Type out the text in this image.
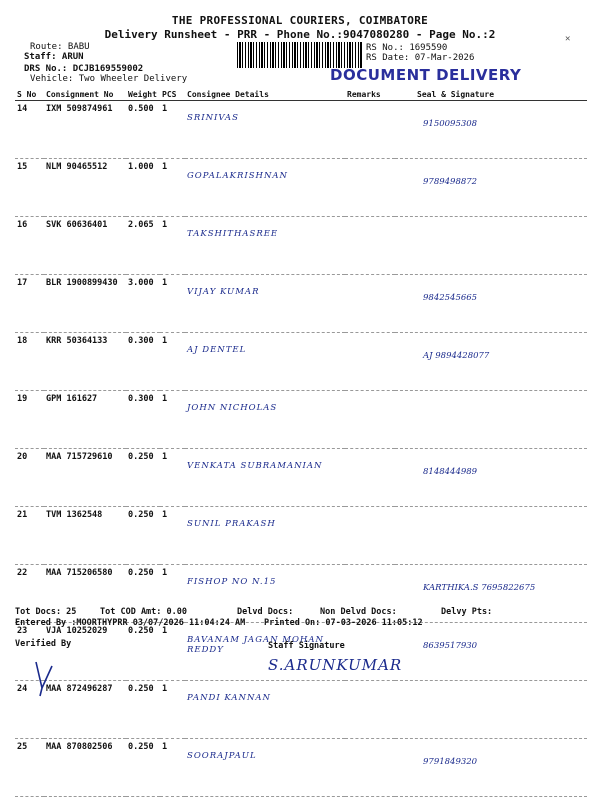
THE PROFESSIONAL COURIERS, COIMBATORE
Delivery Runsheet - PRR - Phone No.:9047080280 - Page No.:2	✕
Route: BABU
Staff: ARUN
DRS No.: DCJB169559002
Vehicle: Two Wheeler Delivery
RS No.: 1695590
RS Date: 07-Mar-2026
DOCUMENT DELIVERY
S No	Consignment No	Weight	PCS	Consignee Details	Remarks	Seal & Signature
14	IXM 509874961	0.500	1	SRINIVAS		9150095308
15	NLM 90465512	1.000	1	GOPALAKRISHNAN		9789498872
16	SVK 60636401	2.065	1	TAKSHITHASREE		
17	BLR 1900899430	3.000	1	VIJAY KUMAR		9842545665
18	KRR 50364133	0.300	1	AJ DENTEL		AJ 9894428077
19	GPM 161627	0.300	1	JOHN NICHOLAS		
20	MAA 715729610	0.250	1	VENKATA SUBRAMANIAN		8148444989
21	TVM 1362548	0.250	1	SUNIL PRAKASH		
22	MAA 715206580	0.250	1	FISHOP NO N.15		KARTHIKA.S 7695822675
23	VJA 10252029	0.250	1	BAVANAM JAGAN MOHAN REDDY		8639517930
24	MAA 872496287	0.250	1	PANDI KANNAN		
25	MAA 870802506	0.250	1	SOORAJPAUL		9791849320
Tot Docs: 25	Tot COD Amt: 0.00	Delvd Docs:	Non Delvd Docs:	Delvy Pts:
Entered By :MOORTHYPRR 03/07/2026 11:04:24 AM Printed On: 07-03-2026 11:05:12
Verified By	Staff Signature
S.ARUNKUMAR
